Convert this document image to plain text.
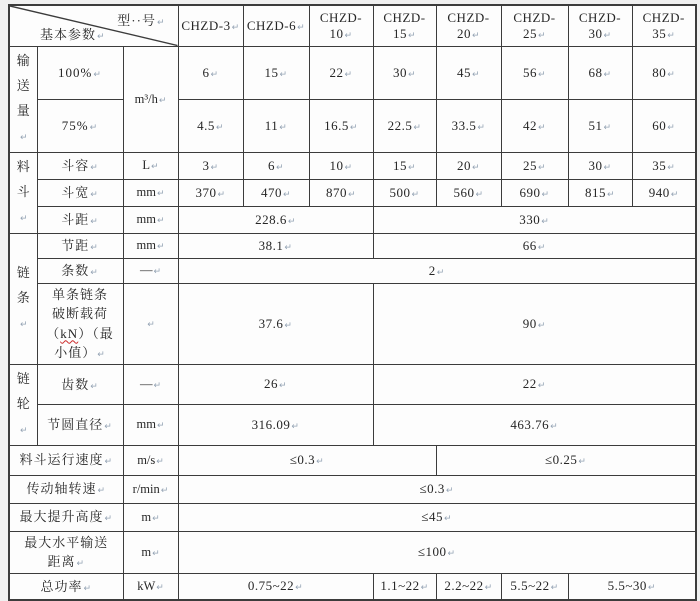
型··号 ↵
基本参数 ↵			CHZD-3 ↵	CHZD-6 ↵	CHZD-10 ↵	CHZD-15 ↵	CHZD-20 ↵	CHZD-25 ↵	CHZD-30 ↵	CHZD-35 ↵
输送量 ↵	100% ↵	m³/h ↵	6 ↵	15 ↵	22 ↵	30 ↵	45 ↵	56 ↵	68 ↵	80 ↵
	75% ↵		4.5 ↵	11 ↵	16.5 ↵	22.5 ↵	33.5 ↵	42 ↵	51 ↵	60 ↵
料斗 ↵	斗容 ↵	L ↵	3 ↵	6 ↵	10 ↵	15 ↵	20 ↵	25 ↵	30 ↵	35 ↵
	斗宽 ↵	mm ↵	370 ↵	470 ↵	870 ↵	500 ↵	560 ↵	690 ↵	815 ↵	940 ↵
	斗距 ↵	mm ↵	228.6 ↵			330 ↵
链条 ↵	节距 ↵	mm ↵	38.1 ↵			66 ↵
	条数 ↵	— ↵	2 ↵
	单条链条破断载荷（kN）（最小值） ↵	↵	37.6 ↵			90 ↵
链轮 ↵	齿数 ↵	— ↵	26 ↵			22 ↵
	节圆直径 ↵	mm ↵	316.09 ↵			463.76 ↵
料斗运行速度 ↵		m/s ↵	≤0.3 ↵				≤0.25 ↵
传动轴转速 ↵		r/min ↵	≤0.3 ↵
最大提升高度 ↵		m ↵	≤45 ↵
最大水平输送距离 ↵		m ↵	≤100 ↵
总功率 ↵		kW ↵	0.75~22 ↵			1.1~22 ↵	2.2~22 ↵	5.5~22 ↵	5.5~30 ↵
